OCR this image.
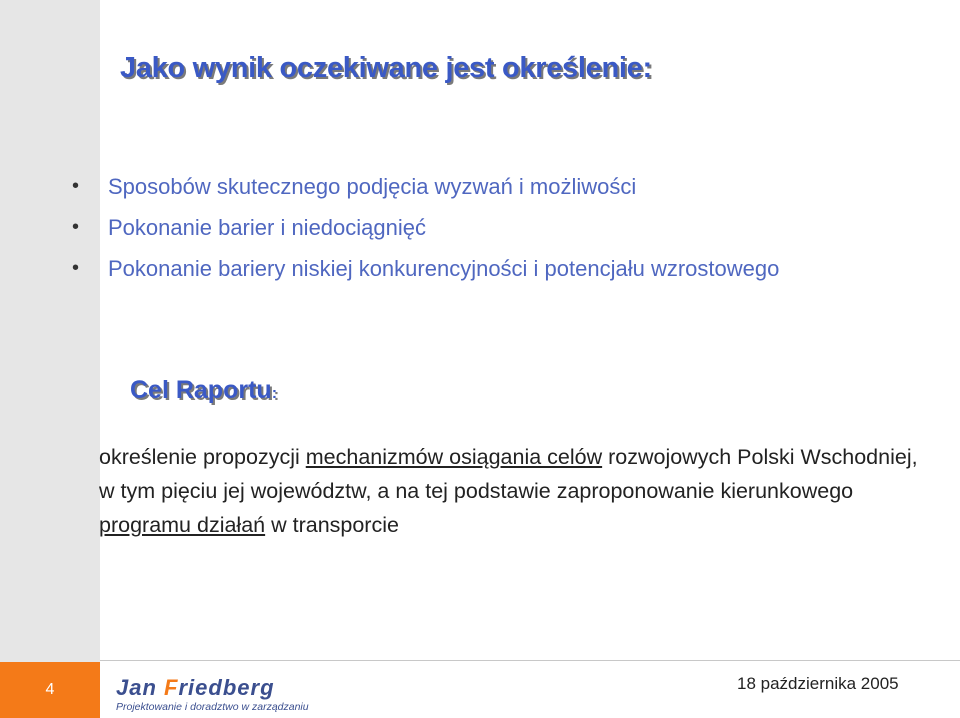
Jako wynik oczekiwane jest określenie:
• Sposobów skutecznego podjęcia wyzwań i możliwości
• Pokonanie barier i niedociągnięć
• Pokonanie bariery niskiej konkurencyjności i potencjału wzrostowego
Cel Raportu:

określenie propozycji mechanizmów osiągania celów rozwojowych Polski Wschodniej, w tym pięciu jej województw, a na tej podstawie zaproponowanie kierunkowego programu działań w transporcie

4	Jan Friedberg
Projektowanie i doradztwo w zarządzaniu
18 października 2005
